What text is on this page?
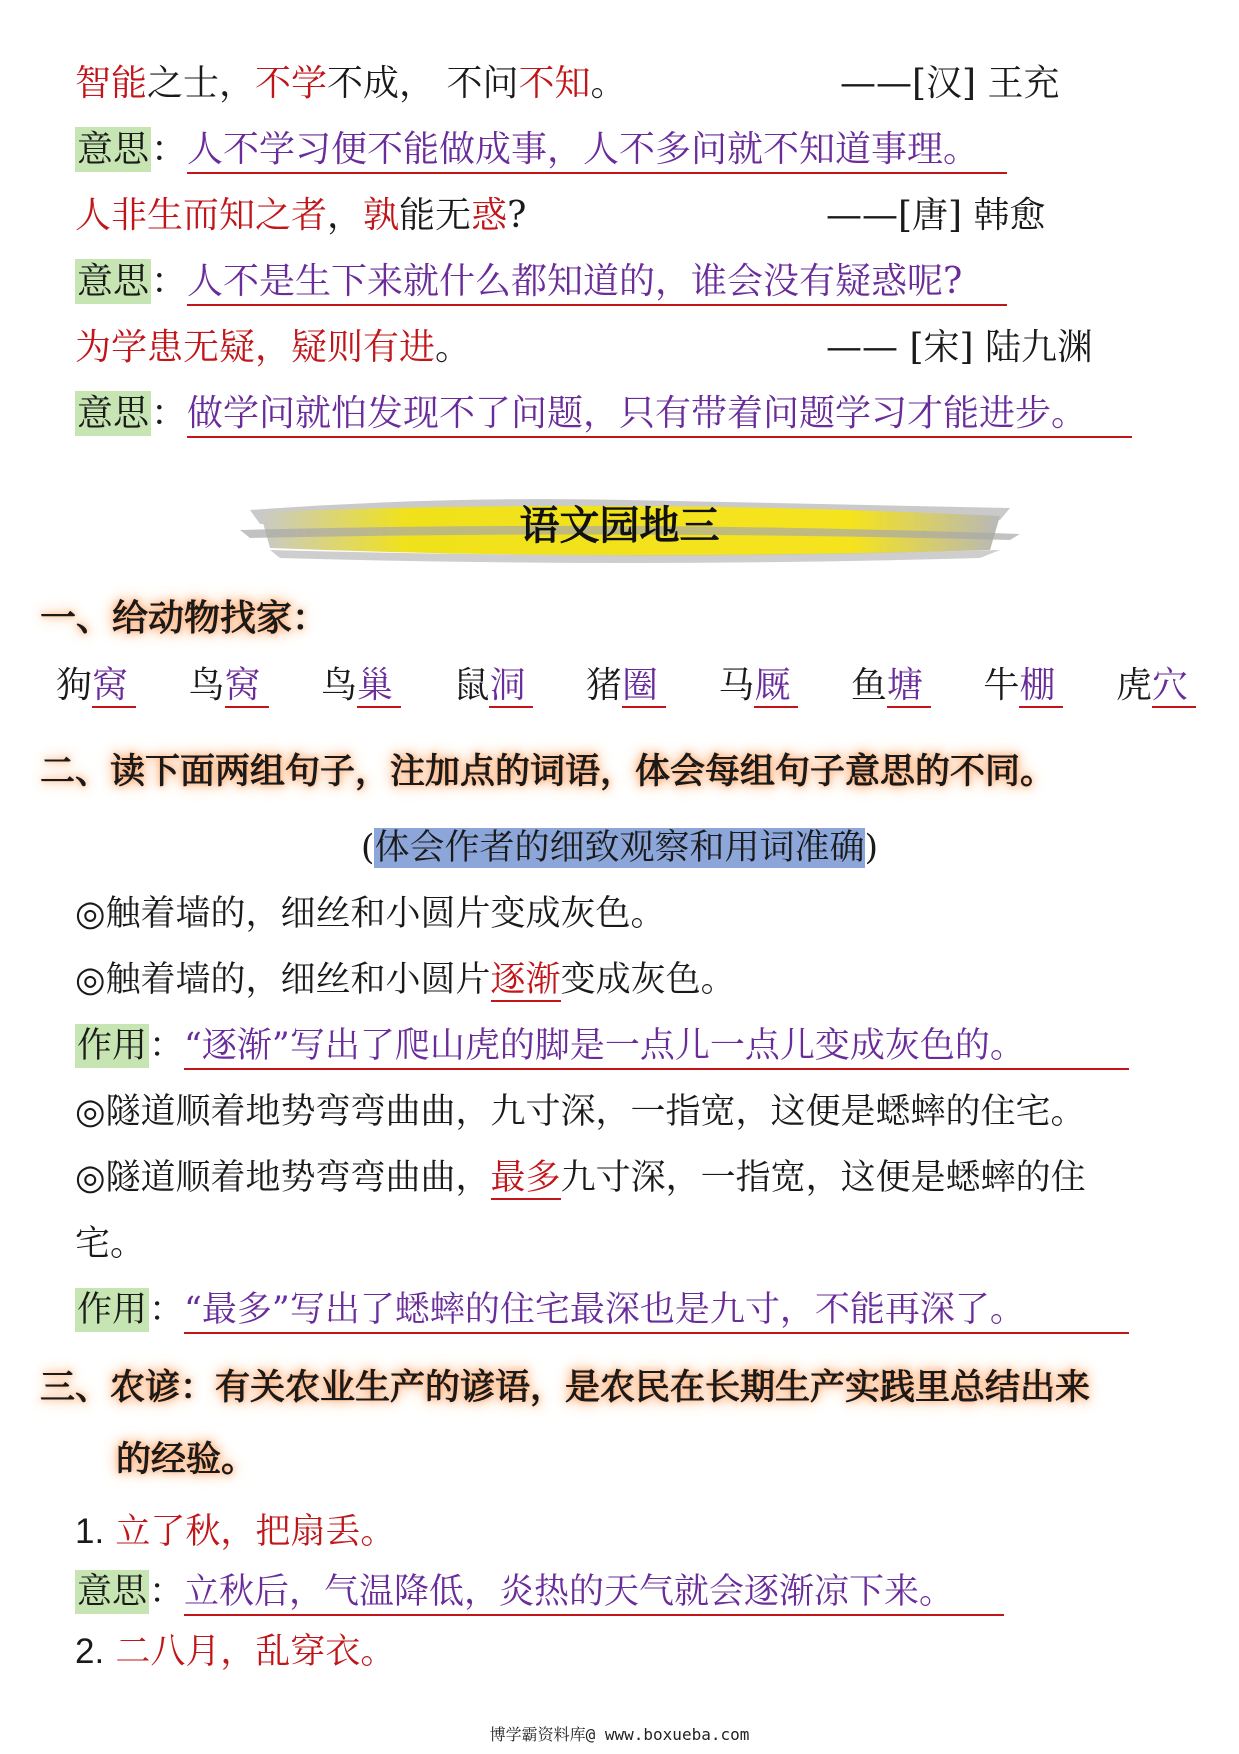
智能之士，不学不成， 不问不知。	——[汉] 王充
意思：人不学习便不能做成事，人不多问就不知道事理。
人非生而知之者，孰能无惑?	——[唐] 韩愈
意思：人不是生下来就什么都知道的，谁会没有疑惑呢?
为学患无疑，疑则有进。	—— [宋] 陆九渊
意思：做学问就怕发现不了问题，只有带着问题学习才能进步。
语文园地三
一、给动物找家：
狗窝 鸟窝 鸟巢 鼠洞 猪圈 马厩 鱼塘 牛棚 虎穴
二、读下面两组句子，注加点的词语，体会每组句子意思的不同。
(体会作者的细致观察和用词准确)
◎触着墙的，细丝和小圆片变成灰色。
◎触着墙的，细丝和小圆片逐渐变成灰色。
作用：“逐渐”写出了爬山虎的脚是一点儿一点儿变成灰色的。
◎隧道顺着地势弯弯曲曲，九寸深，一指宽，这便是蟋蟀的住宅。
◎隧道顺着地势弯弯曲曲，最多九寸深，一指宽，这便是蟋蟀的住
宅。
作用：“最多”写出了蟋蟀的住宅最深也是九寸，不能再深了。
三、农谚：有关农业生产的谚语，是农民在长期生产实践里总结出来
的经验。
1. 立了秋，把扇丢。
意思：立秋后，气温降低，炎热的天气就会逐渐凉下来。
2. 二八月，乱穿衣。
博学霸资料库@ www.boxueba.com
